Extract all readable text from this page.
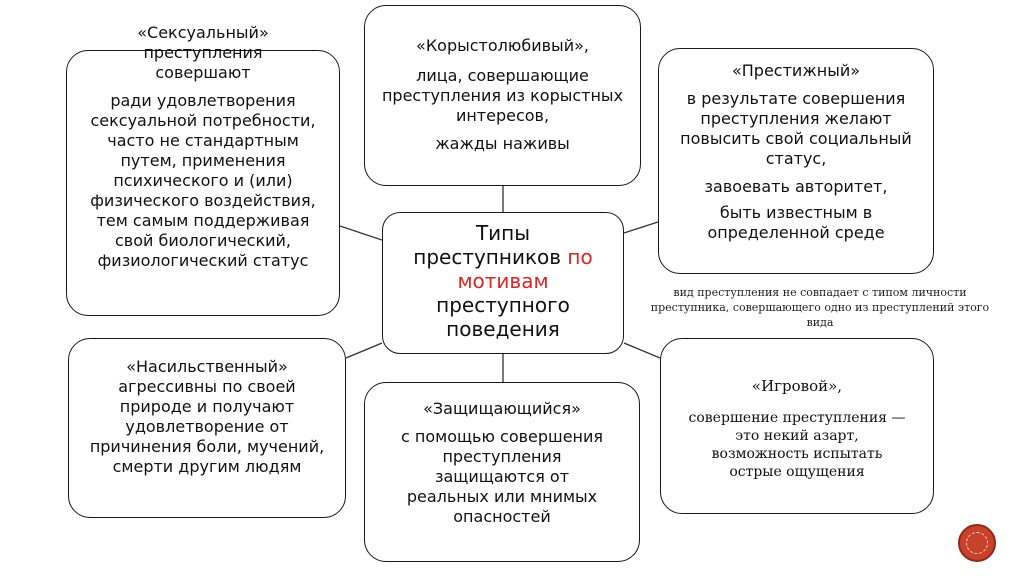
«Сексуальный»
преступления совершают
ради удовлетворения сексуальной потребности, часто не стандартным путем, применения психического и (или) физического воздействия, тем самым поддерживая свой биологический, физиологический статус
«Корыстолюбивый»,
лица, совершающие преступления из корыстных интересов,
жажды наживы
«Престижный»
в результате совершения преступления желают повысить свой социальный статус,
завоевать авторитет,
быть известным в определенной среде
Типы
преступников по
мотивам
преступного
поведения
«Насильственный»
агрессивны по своей природе и получают удовлетворение от причинения боли, мучений, смерти другим людям
«Защищающийся»
с помощью совершения преступления защищаются от реальных или мнимых опасностей
«Игровой»,
совершение преступления — это некий азарт, возможность испытать острые ощущения
вид преступления не совпадает с типом личности преступника, совершающего одно из преступлений этого вида
